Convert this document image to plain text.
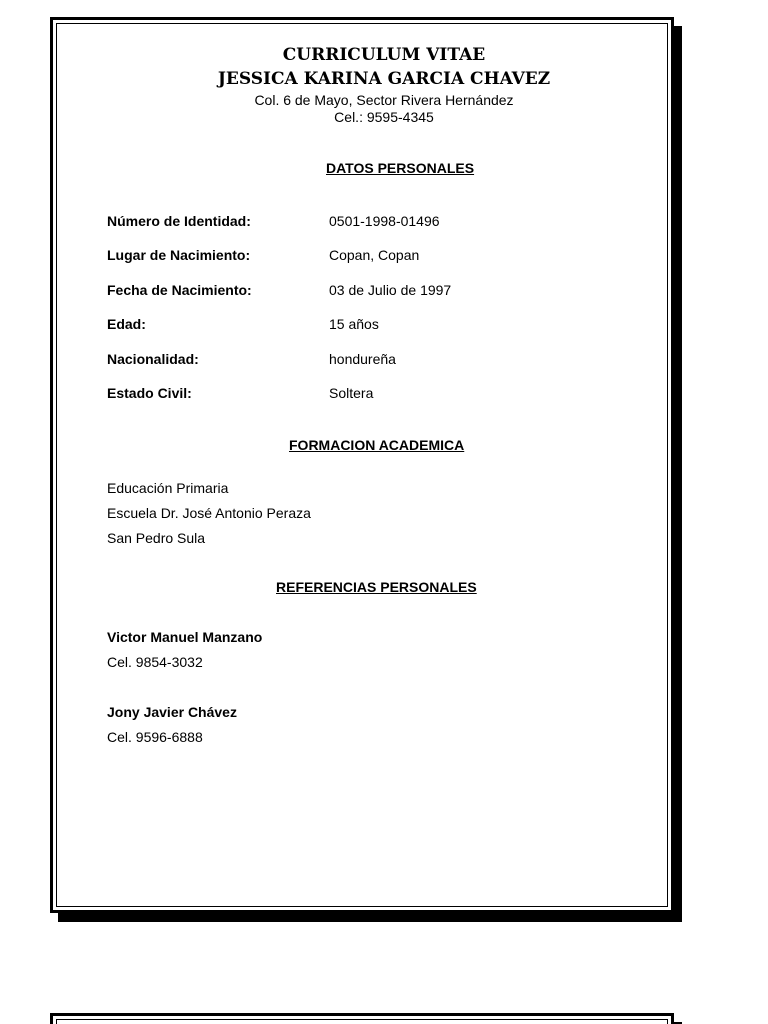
CURRICULUM VITAE
JESSICA KARINA GARCIA CHAVEZ
Col. 6 de Mayo, Sector Rivera Hernández
Cel.: 9595-4345
DATOS PERSONALES
Número de Identidad:	0501-1998-01496
Lugar de Nacimiento:	Copan, Copan
Fecha de Nacimiento:	03 de Julio de 1997
Edad:	15 años
Nacionalidad:	hondureña
Estado Civil:	Soltera
FORMACION ACADEMICA
Educación Primaria
Escuela Dr. José Antonio Peraza
San Pedro Sula
REFERENCIAS PERSONALES
Victor Manuel Manzano
Cel. 9854-3032
Jony Javier Chávez
Cel. 9596-6888
